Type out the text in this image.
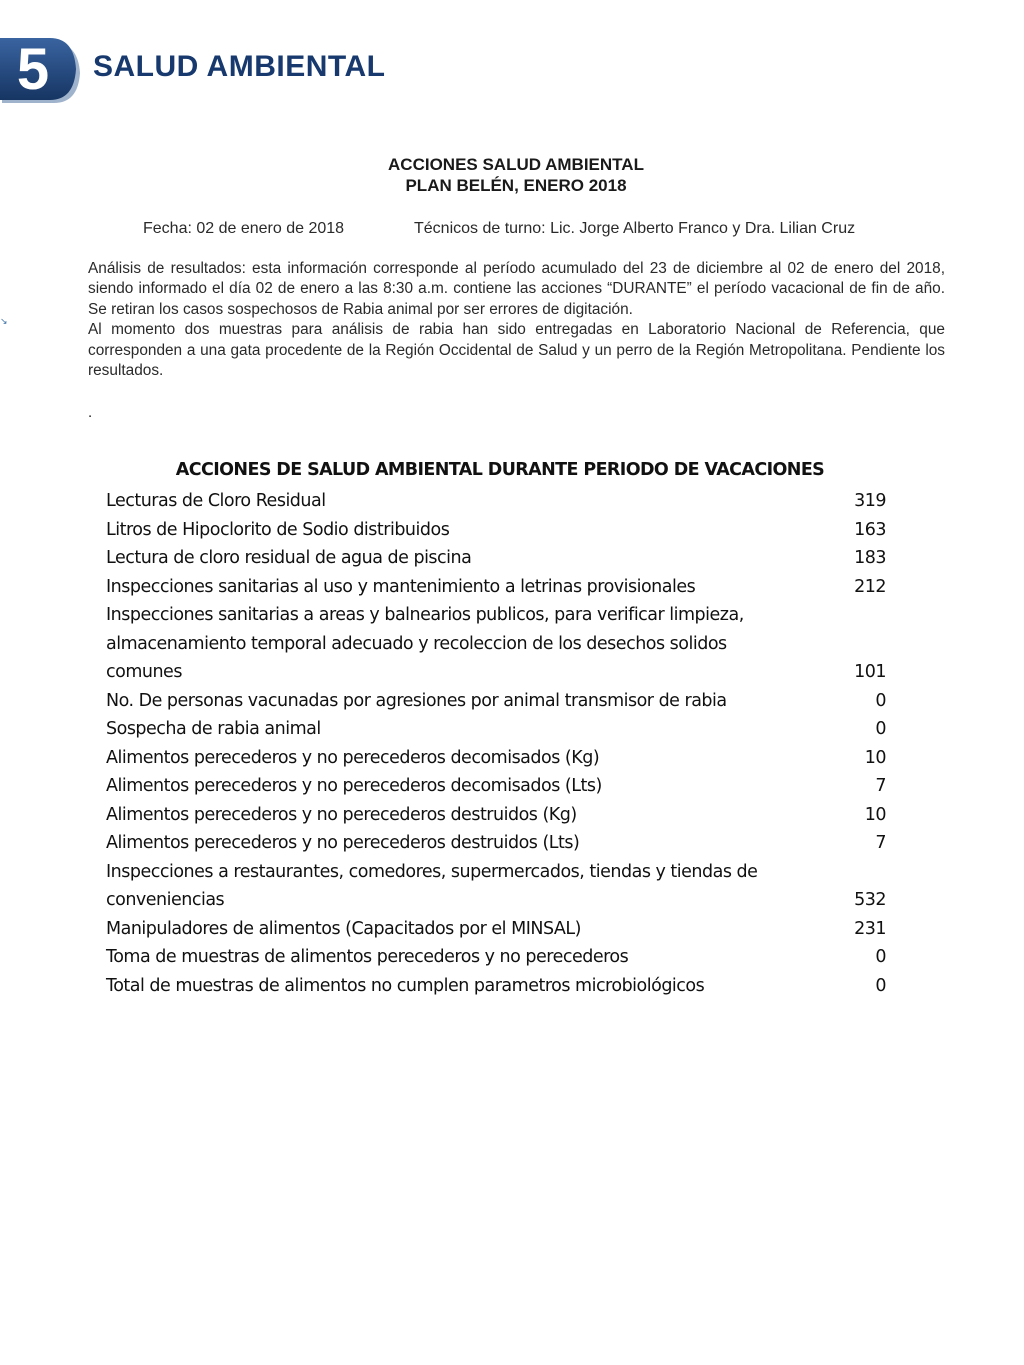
5	SALUD AMBIENTAL
ACCIONES SALUD AMBIENTAL
PLAN BELÉN, ENERO 2018
Fecha: 02 de enero de 2018	Técnicos de turno: Lic. Jorge Alberto Franco y Dra. Lilian Cruz
↘

Análisis de resultados: esta información corresponde al período acumulado del 23 de diciembre al 02 de enero del 2018, siendo informado el día 02 de enero a las 8:30 a.m. contiene las acciones “DURANTE” el período vacacional de fin de año. Se retiran los casos sospechosos de Rabia animal por ser errores de digitación.

Al momento dos muestras para análisis de rabia han sido entregadas en Laboratorio Nacional de Referencia, que corresponden a una gata procedente de la Región Occidental de Salud y un perro de la Región Metropolitana. Pendiente los resultados.

.
ACCIONES DE SALUD AMBIENTAL DURANTE PERIODO DE VACACIONES
Lecturas de Cloro Residual	319
Litros de Hipoclorito de Sodio distribuidos	163
Lectura de cloro residual de agua de piscina	183
Inspecciones sanitarias al uso y mantenimiento a letrinas provisionales	212
Inspecciones sanitarias a areas y balnearios publicos, para verificar limpieza, almacenamiento temporal adecuado y recoleccion de los desechos solidos comunes	101
No. De personas vacunadas por agresiones por animal transmisor de rabia	0
Sospecha de rabia animal	0
Alimentos perecederos y no perecederos decomisados (Kg)	10
Alimentos perecederos y no perecederos decomisados (Lts)	7
Alimentos perecederos y no perecederos destruidos (Kg)	10
Alimentos perecederos y no perecederos destruidos (Lts)	7
Inspecciones a restaurantes, comedores, supermercados, tiendas y tiendas de conveniencias	532
Manipuladores de alimentos (Capacitados por el MINSAL)	231
Toma de muestras de alimentos perecederos y no perecederos	0
Total de muestras de alimentos no cumplen parametros microbiológicos	0
